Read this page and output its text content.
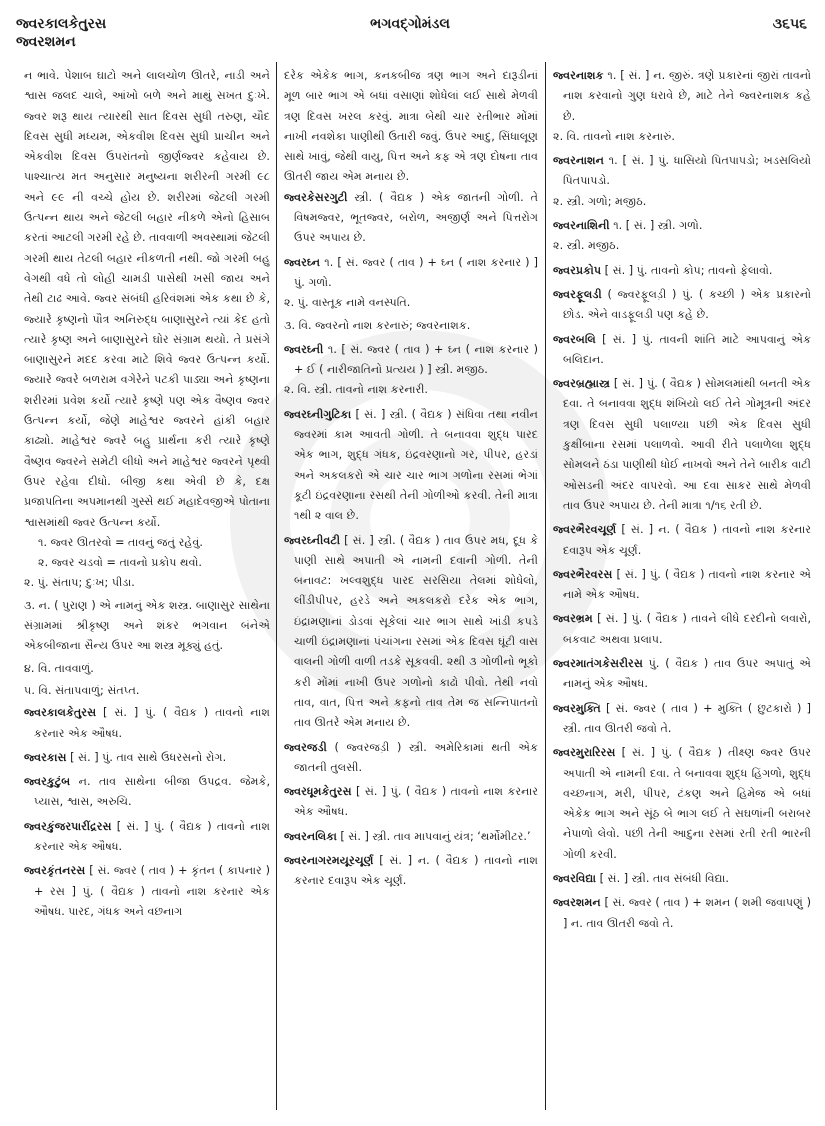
જ્વરકાલકેતુરસ
જ્વરશમન
ભગવદ્ગોમંડલ	૩૬૫૬

ન ભાવે. પેશાબ ઘાટો અને લાલચોળ ઊતરે, નાડી અને શ્વાસ જલદ ચાલે, આંખો બળે અને માથું સખત દુઃખે. જ્વર શરૂ થાય ત્યારથી સાત દિવસ સુધી તરુણ, ચૌદ દિવસ સુધી મધ્યમ, એકવીશ દિવસ સુધી પ્રાચીન અને એકવીશ દિવસ ઉપરાંતનો જીર્ણજ્વર કહેવાય છે. પાશ્ચાત્ય મત અનુસાર મનુષ્યના શરીરની ગરમી ૯૮ અને ૯૯ ની વચ્ચે હોય છે. શરીરમાં જેટલી ગરમી ઉત્પન્ન થાય અને જેટલી બહાર નીકળે એનો હિસાબ કરતાં આટલી ગરમી રહે છે. તાવવાળી અવસ્થામાં જેટલી ગરમી થાય તેટલી બહાર નીકળતી નથી. જો ગરમી બહુ વેગથી વધે તો લોહી ચામડી પાસેથી ખસી જાય અને તેથી ટાઢ આવે. જ્વર સંબંધી હરિવંશમાં એક કથા છે કે, જ્યારે કૃષ્ણનો પૌત્ર અનિરુદ્ધ બાણાસુરને ત્યાં કેદ હતો ત્યારે કૃષ્ણ અને બાણાસુરને ઘોર સંગ્રામ થયો. તે પ્રસંગે બાણાસુરને મદદ કરવા માટે શિવે જ્વર ઉત્પન્ન કર્યો. જ્યારે જ્વરે બળરામ વગેરેને પટકી પાડ્યા અને કૃષ્ણના શરીરમાં પ્રવેશ કર્યો ત્યારે કૃષ્ણે પણ એક વૈષ્ણવ જ્વર ઉત્પન્ન કર્યો, જેણે માહેશ્વર જ્વરને હાંકી બહાર કાઢ્યો. માહેશ્વર જ્વરે બહુ પ્રાર્થના કરી ત્યારે કૃષ્ણે વૈષ્ણવ જ્વરને સમેટી લીધો અને માહેશ્વર જ્વરને પૃથ્વી ઉપર રહેવા દીધો. બીજી કથા એવી છે કે, દક્ષ પ્રજાપતિના અપમાનથી ગુસ્સે થઈ મહાદેવજીએ પોતાના શ્વાસમાંથી જ્વર ઉત્પન્ન કર્યો.

૧. જ્વર ઊતરવો = તાવનું જતું રહેવું.

૨. જ્વર ચડવો = તાવનો પ્રકોપ થવો.

૨. પું. સંતાપ; દુઃખ; પીડા.

૩. ન. ( પુરાણ ) એ નામનું એક શસ્ત્ર. બાણાસુર સાથેના સંગ્રામમાં શ્રીકૃષ્ણ અને શંકર ભગવાન બંનેએ એકબીજાના સૈન્ય ઉપર આ શસ્ત્ર મૂક્યું હતું.

૪. વિ. તાવવાળું.

૫. વિ. સંતાપવાળું; સંતપ્ત.

જ્વરકાલકેતુરસ [ સં. ] પું. ( વૈદ્યક ) તાવનો નાશ કરનાર એક ઔષધ.
જ્વરકાસ [ સં. ] પું. તાવ સાથે ઉધરસનો રોગ.
જ્વરકુટુંબ ન. તાવ સાથેના બીજા ઉપદ્રવ. જેમકે, પ્યાસ, શ્વાસ, અરુચિ.
જ્વરકુંજરપારીંદ્રરસ [ સં. ] પું. ( વૈદ્યક ) તાવનો નાશ કરનાર એક ઔષધ.
જ્વરકૃંતનરસ [ સં. જ્વર ( તાવ ) + કૃંતન ( કાપનાર ) + રસ ] પું. ( વૈદ્યક ) તાવનો નાશ કરનાર એક ઔષધ. પારદ, ગંધક અને વછનાગ

દરેક એકેક ભાગ, કનકબીજ ત્રણ ભાગ અને દારૂડીનાં મૂળ બાર ભાગ એ બધાં વસાણાં શોધેલાં લઈ સાથે મેળવી ત્રણ દિવસ ખરલ કરવું. માત્રા બેથી ચાર રતીભાર મોંમાં નાખી નવશેકા પાણીથી ઉતારી જવું. ઉપર આદુ, સિંધાલૂણ સાથે ખાવું, જેથી વાયુ, પિત્ત અને કફ એ ત્રણ દોષના તાવ ઊતરી જાય એમ મનાય છે.

જ્વરકેસરગુટી સ્ત્રી. ( વૈદ્યક ) એક જાતની ગોળી. તે વિષમજ્વર, ભૂતજ્વર, બરોળ, અજીર્ણ અને પિત્તરોગ ઉપર અપાય છે.
જ્વરઘ્ન ૧. [ સં. જ્વર ( તાવ ) + ઘ્ન ( નાશ કરનાર ) ] પું. ગળો.
૨. પું. વાસ્તૂક નામે વનસ્પતિ.
૩. વિ. જ્વરનો નાશ કરનારું; જ્વરનાશક.
જ્વરઘ્ની ૧. [ સં. જ્વર ( તાવ ) + ઘ્ન ( નાશ કરનાર ) + ઈ ( નારીજાતિનો પ્રત્યય ) ] સ્ત્રી. મજીઠ.
૨. વિ. સ્ત્રી. તાવનો નાશ કરનારી.
જ્વરઘ્નીગુટિકા [ સં. ] સ્ત્રી. ( વૈદ્યક ) સંધિવા તથા નવીન જ્વરમાં કામ આવતી ગોળી. તે બનાવવા શુદ્ધ પારદ એક ભાગ, શુદ્ધ ગંધક, ઇંદ્રવરણાનો ગર, પીપર, હરડાં અને અકલકરો એ ચાર ચાર ભાગ ગળોના રસમાં ભેગાં કૂટી ઇંદ્રવરણાના રસથી તેની ગોળીઓ કરવી. તેની માત્રા ૧થી ૨ વાલ છે.
જ્વરઘ્નીવટી [ સં. ] સ્ત્રી. ( વૈદ્યક ) તાવ ઉપર મધ, દૂધ કે પાણી સાથે અપાતી એ નામની દવાની ગોળી. તેની બનાવટ: ખલ્વશુદ્ધ પારદ સરસિયા તેલમાં શોધેલો, લીંડીપીપર, હરડે અને અકલકરો દરેક એક ભાગ, ઇંદ્રામણાનાં ડોડવાં સૂકેલાં ચાર ભાગ સાથે ખાંડી કપડે ચાળી ઇંદ્રામણાનાં પંચાંગના રસમાં એક દિવસ ઘૂંટી વાસ વાલની ગોળી વાળી તડકે સૂકવવી. ૨થી ૩ ગોળીનો ભૂકો કરી મોંમાં નાખી ઉપર ગળોનો કાઢો પીવો. તેથી નવો તાવ, વાત, પિત્ત અને કફનો તાવ તેમ જ સન્નિપાતનો તાવ ઊતરે એમ મનાય છે.
જ્વરજડી ( જ્વરજડ઼ી ) સ્ત્રી. અમેરિકામાં થતી એક જાતની તુલસી.
જ્વરધૂમકેતુરસ [ સં. ] પું. ( વૈદ્યક ) તાવનો નાશ કરનાર એક ઔષધ.
જ્વરનલિકા [ સં. ] સ્ત્રી. તાવ માપવાનું યંત્ર; ‘થર્મોમીટર.’
જ્વરનાગરમયૂરચૂર્ણ [ સં. ] ન. ( વૈદ્યક ) તાવનો નાશ કરનાર દવારૂપ એક ચૂર્ણ.
જ્વરનાશક ૧. [ સં. ] ન. જીરું. ત્રણે પ્રકારનાં જીરાં તાવનો નાશ કરવાનો ગુણ ધરાવે છે, માટે તેને જ્વરનાશક કહે છે.
૨. વિ. તાવનો નાશ કરનારું.
જ્વરનાશન ૧. [ સં. ] પું. ધાસિયો પિતપાપડો; ખડસલિયો પિતપાપડો.
૨. સ્ત્રી. ગળો; મજીઠ.
જ્વરનાશિની ૧. [ સં. ] સ્ત્રી. ગળો.
૨. સ્ત્રી. મજીઠ.
જ્વરપ્રકોપ [ સં. ] પું. તાવનો કોપ; તાવનો ફેલાવો.
જ્વરફૂલડી ( જ્વરફૂલડ઼ી ) પું. ( કચ્છી ) એક પ્રકારનો છોડ. એને વાડફૂલડી પણ કહે છે.
જ્વરબલિ [ સં. ] પું. તાવની શાંતિ માટે આપવાનું એક બલિદાન.
જ્વરબ્રહ્માસ્ત્ર [ સં. ] પું. ( વૈદ્યક ) સોમલમાંથી બનતી એક દવા. તે બનાવવા શુદ્ધ શંખિયો લઈ તેને ગોમૂત્રની અંદર ત્રણ દિવસ સુધી પલાળ્યા પછી એક દિવસ સુધી કુક્ષીંબાના રસમાં પલાળવો. આવી રીતે પલાળેલા શુદ્ધ સોમલને ઠંડા પાણીથી ધોઈ નાખવો અને તેને બારીક વાટી ઓસડની અંદર વાપરવો. આ દવા સાકર સાથે મેળવી તાવ ઉપર અપાય છે. તેની માત્રા ૧/૧૬ રતી છે.
જ્વરભૈરવચૂર્ણ [ સં. ] ન. ( વૈદ્યક ) તાવનો નાશ કરનાર દવારૂપ એક ચૂર્ણ.
જ્વરભૈરવરસ [ સં. ] પું. ( વૈદ્યક ) તાવનો નાશ કરનાર એ નામે એક ઔષધ.
જ્વરભ્રમ [ સં. ] પું. ( વૈદ્યક ) તાવને લીધે દરદીનો લવારો, બકવાટ અથવા પ્રલાપ.
જ્વરમાતંગકેસરીરસ પું. ( વૈદ્યક ) તાવ ઉપર અપાતું એ નામનું એક ઔષધ.
જ્વરમુક્તિ [ સં. જ્વર ( તાવ ) + મુક્તિ ( છુટકારો ) ] સ્ત્રી. તાવ ઊતરી જવો તે.
જ્વરમુરારિરસ [ સં. ] પું. ( વૈદ્યક ) તીક્ષ્ણ જ્વર ઉપર અપાતી એ નામની દવા. તે બનાવવા શુદ્ધ હિંગળો, શુદ્ધ વચ્છનાગ, મરી, પીપર, ટંકણ અને હિમેજ એ બધાં એકેક ભાગ અને સૂંઠ બે ભાગ લઈ તે સઘળાંની બરાબર નેપાળો લેવો. પછી તેની આદુના રસમાં રતી રતી ભારની ગોળી કરવી.
જ્વરવિદ્યા [ સં. ] સ્ત્રી. તાવ સંબંધી વિદ્યા.
જ્વરશમન [ સં. જ્વર ( તાવ ) + શમન ( શમી જવાપણું ) ] ન. તાવ ઊતરી જવો તે.
